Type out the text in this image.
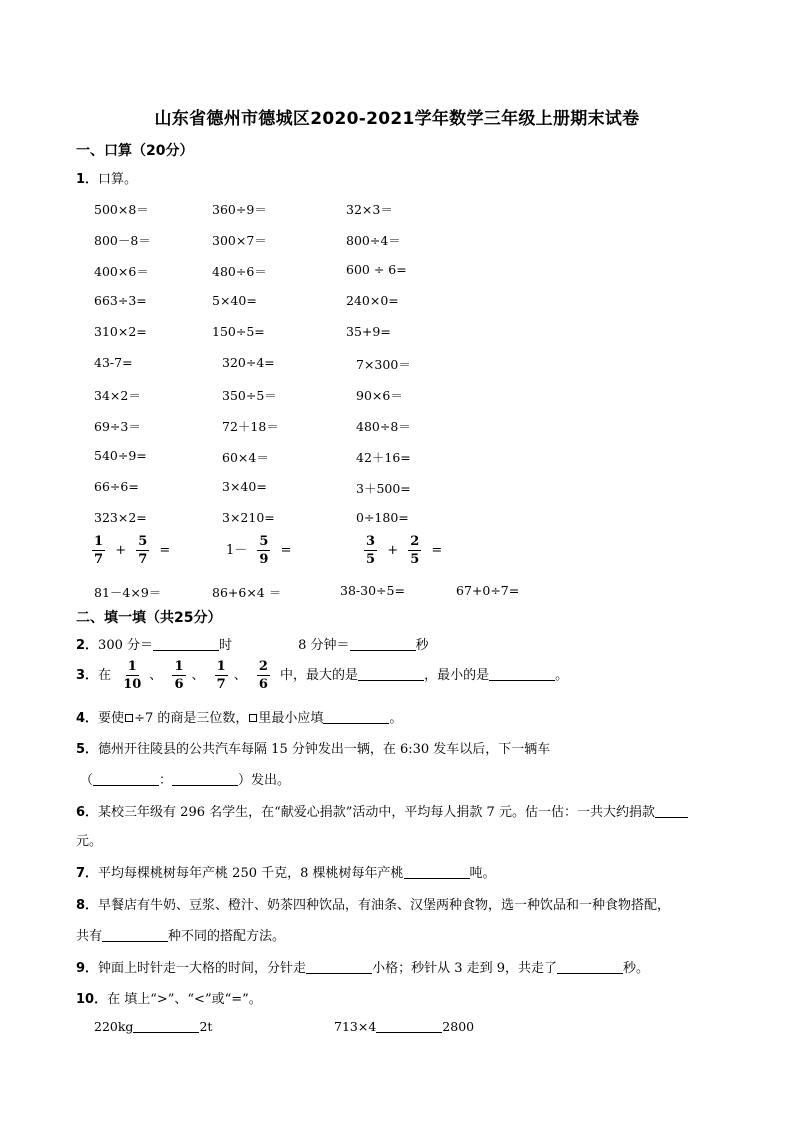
山东省德州市德城区2020-2021学年数学三年级上册期末试卷
一、口算（20分）
1．口算。
500×8＝	360÷9＝	32×3＝
800－8＝	300×7＝	800÷4＝
400×6＝	480÷6＝	600 ÷ 6=
663÷3=	5×40=	240×0=
310×2=	150÷5=	35+9=
43-7=	320÷4=	7×300＝
34×2＝	350÷5＝	90×6＝
69÷3＝	72＋18＝	480÷8＝
540÷9=	60×4＝	42＋16=
66÷6=	3×40=	3＋500=
323×2=	3×210=	0÷180=
$\frac{1}{7} + \frac{5}{7}$ =	$1- \frac{5}{9}$ =	$\frac{3}{5} + \frac{2}{5}$ =
81－4×9＝	86+6×4 ＝	38-30÷5=	67+0÷7=
二、填一填（共25分）
2．300 分＝	时	8 分钟＝	秒
3．在 $\frac{1}{10}$ 、 $\frac{1}{6}$ 、 $\frac{1}{7}$ 、 $\frac{2}{6}$ 中，最大的是	，最小的是	。
4．要使 ÷7 的商是三位数， 里最小应填	。
5．德州开往陵县的公共汽车每隔 15 分钟发出一辆，在 6:30 发车以后，下一辆车
（	：	）发出。
6．某校三年级有 296 名学生，在“献爱心捐款”活动中，平均每人捐款 7 元。估一估：一共大约捐款
元。
7．平均每棵桃树每年产桃 250 千克，8 棵桃树每年产桃	吨。
8．早餐店有牛奶、豆浆、橙汁、奶茶四种饮品，有油条、汉堡两种食物，选一种饮品和一种食物搭配，
共有	种不同的搭配方法。
9．钟面上时针走一大格的时间，分针走	小格；秒针从 3 走到 9，共走了	秒。
10．在 填上“>”、“<”或“=”。
220kg	2t	713×4	2800
